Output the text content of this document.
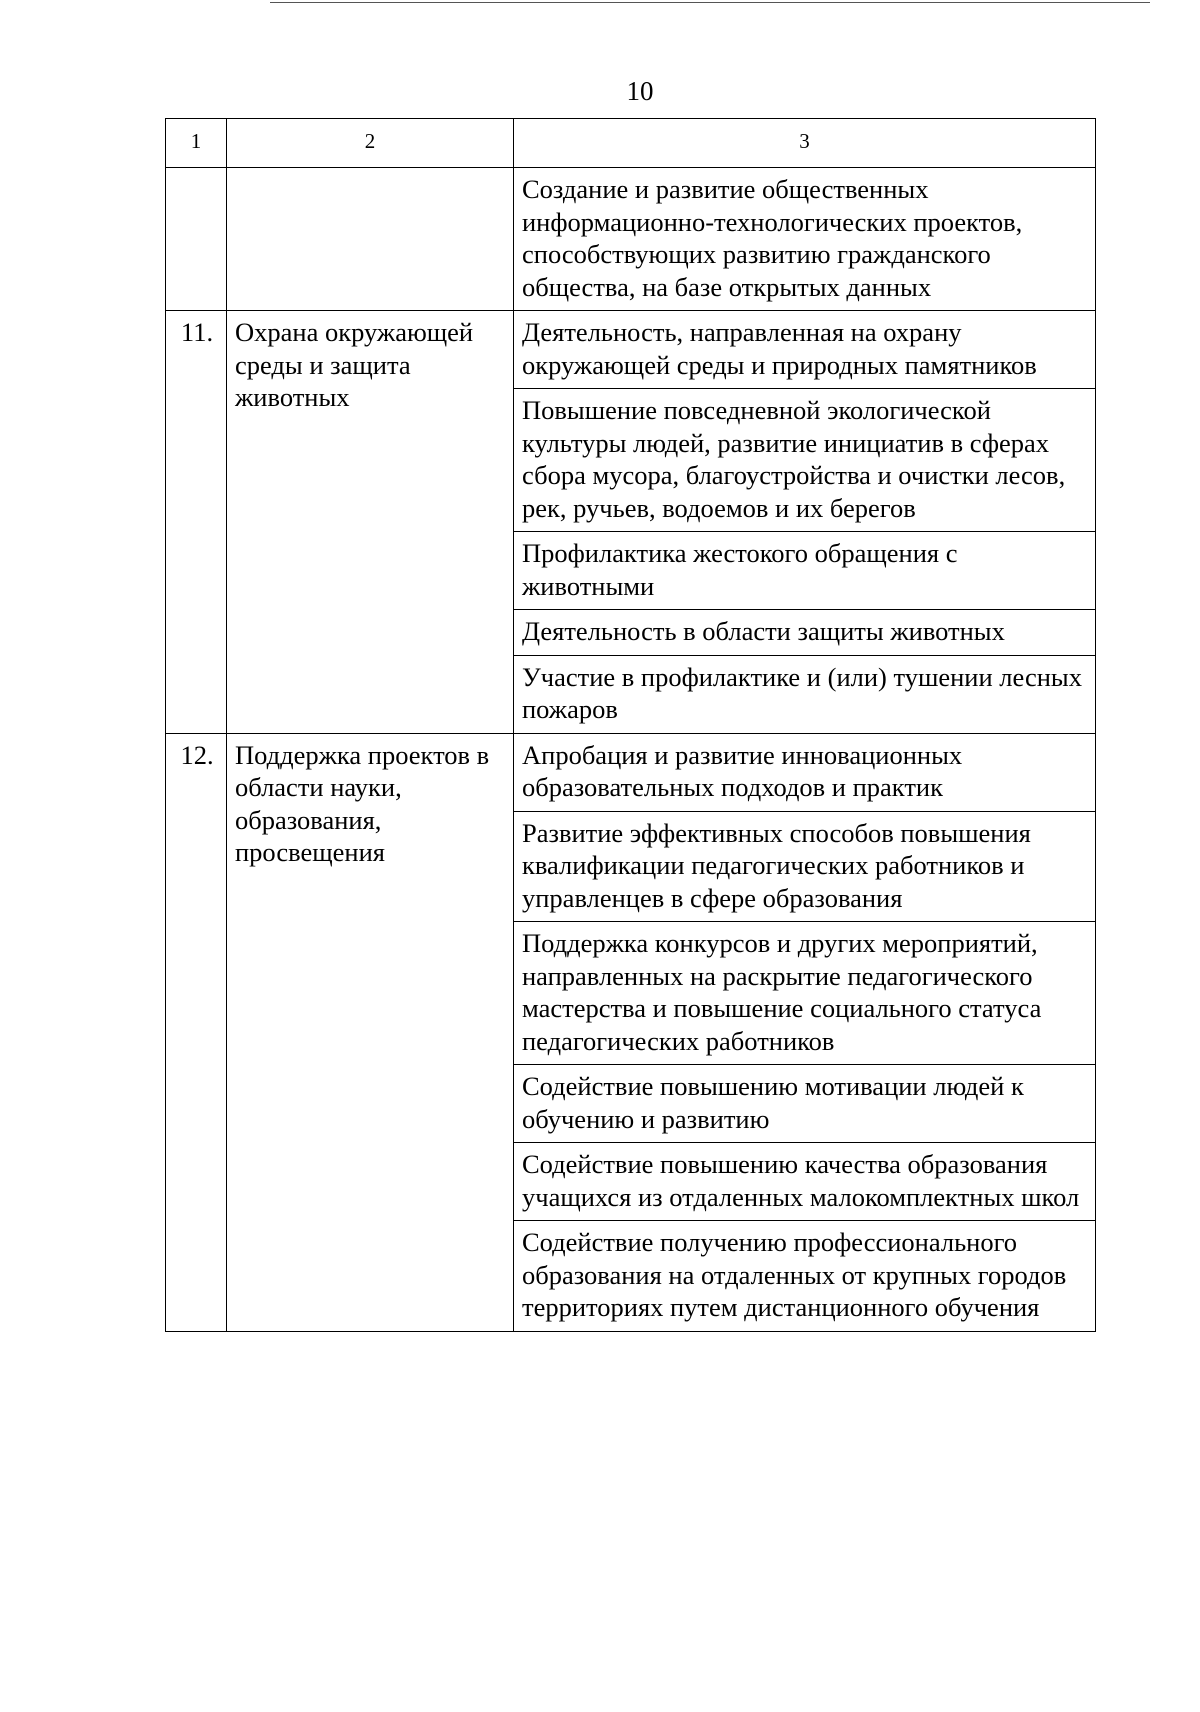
10
1	2	3
		Создание и развитие общественных информационно-технологических проектов, способствующих развитию гражданского общества, на базе открытых данных
11.	Охрана окружающей среды и защита животных	Деятельность, направленная на охрану окружающей среды и природных памятников
		Повышение повседневной экологической культуры людей, развитие инициатив в сферах сбора мусора, благоустройства и очистки лесов, рек, ручьев, водоемов и их берегов
		Профилактика жестокого обращения с животными
		Деятельность в области защиты животных
		Участие в профилактике и (или) тушении лесных пожаров
12.	Поддержка проектов в области науки, образования, просвещения	Апробация и развитие инновационных образовательных подходов и практик
		Развитие эффективных способов повышения квалификации педагогических работников и управленцев в сфере образования
		Поддержка конкурсов и других мероприятий, направленных на раскрытие педагогического мастерства и повышение социального статуса педагогических работников
		Содействие повышению мотивации людей к обучению и развитию
		Содействие повышению качества образования учащихся из отдаленных малокомплектных школ
		Содействие получению профессионального образования на отдаленных от крупных городов территориях путем дистанционного обучения
